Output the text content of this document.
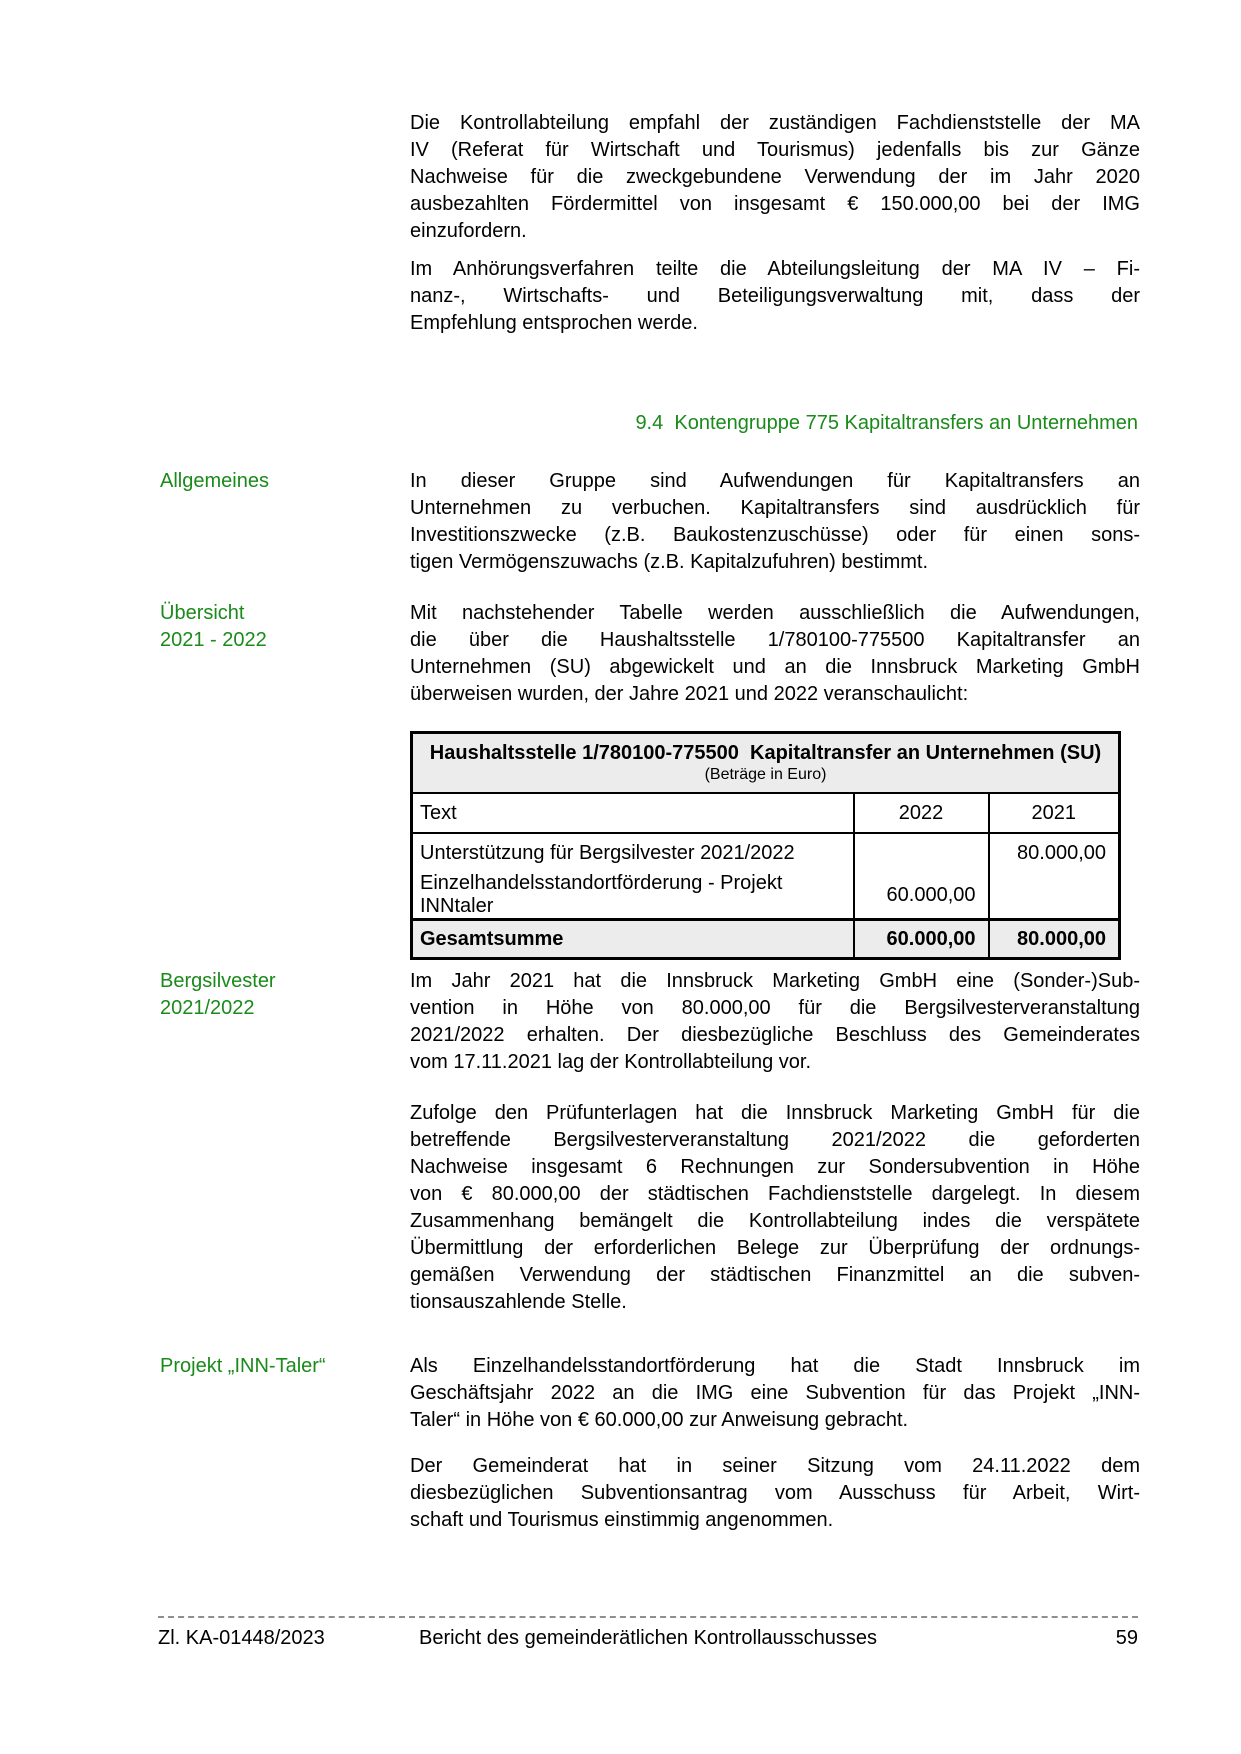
Die Kontrollabteilung empfahl der zuständigen Fachdienststelle der MA
IV (Referat für Wirtschaft und Tourismus) jedenfalls bis zur Gänze
Nachweise für die zweckgebundene Verwendung der im Jahr 2020
ausbezahlten Fördermittel von insgesamt € 150.000,00 bei der IMG
einzufordern.
Im Anhörungsverfahren teilte die Abteilungsleitung der MA IV – Fi-
nanz-, Wirtschafts- und Beteiligungsverwaltung mit, dass der
Empfehlung entsprochen werde.
9.4  Kontengruppe 775 Kapitaltransfers an Unternehmen
Allgemeines	In dieser Gruppe sind Aufwendungen für Kapitaltransfers an
Unternehmen zu verbuchen. Kapitaltransfers sind ausdrücklich für
Investitionszwecke (z.B. Baukostenzuschüsse) oder für einen sons-
tigen Vermögenszuwachs (z.B. Kapitalzufuhren) bestimmt.
Übersicht
2021 - 2022
Mit nachstehender Tabelle werden ausschließlich die Aufwendungen,
die über die Haushaltsstelle 1/780100-775500 Kapitaltransfer an
Unternehmen (SU) abgewickelt und an die Innsbruck Marketing GmbH
überweisen wurden, der Jahre 2021 und 2022 veranschaulicht:
Haushaltsstelle 1/780100-775500  Kapitaltransfer an Unternehmen (SU)
(Beträge in Euro)		

Text	2022	2021
Unterstützung für Bergsilvester 2021/2022		80.000,00
Einzelhandelsstandortförderung - Projekt INNtaler	60.000,00	
Gesamtsumme	60.000,00	80.000,00
Bergsilvester
2021/2022
Im Jahr 2021 hat die Innsbruck Marketing GmbH eine (Sonder-)Sub-
vention in Höhe von 80.000,00 für die Bergsilvesterveranstaltung
2021/2022 erhalten. Der diesbezügliche Beschluss des Gemeinderates
vom 17.11.2021 lag der Kontrollabteilung vor.
Zufolge den Prüfunterlagen hat die Innsbruck Marketing GmbH für die
betreffende Bergsilvesterveranstaltung 2021/2022 die geforderten
Nachweise insgesamt 6 Rechnungen zur Sondersubvention in Höhe
von € 80.000,00 der städtischen Fachdienststelle dargelegt. In diesem
Zusammenhang bemängelt die Kontrollabteilung indes die verspätete
Übermittlung der erforderlichen Belege zur Überprüfung der ordnungs-
gemäßen Verwendung der städtischen Finanzmittel an die subven-
tionsauszahlende Stelle.
Projekt „INN-Taler“	Als Einzelhandelsstandortförderung hat die Stadt Innsbruck im
Geschäftsjahr 2022 an die IMG eine Subvention für das Projekt „INN-
Taler“ in Höhe von € 60.000,00 zur Anweisung gebracht.
Der Gemeinderat hat in seiner Sitzung vom 24.11.2022 dem
diesbezüglichen Subventionsantrag vom Ausschuss für Arbeit, Wirt-
schaft und Tourismus einstimmig angenommen.
Bericht des gemeinderätlichen Kontrollausschusses
Zl. KA-01448/2023	59
